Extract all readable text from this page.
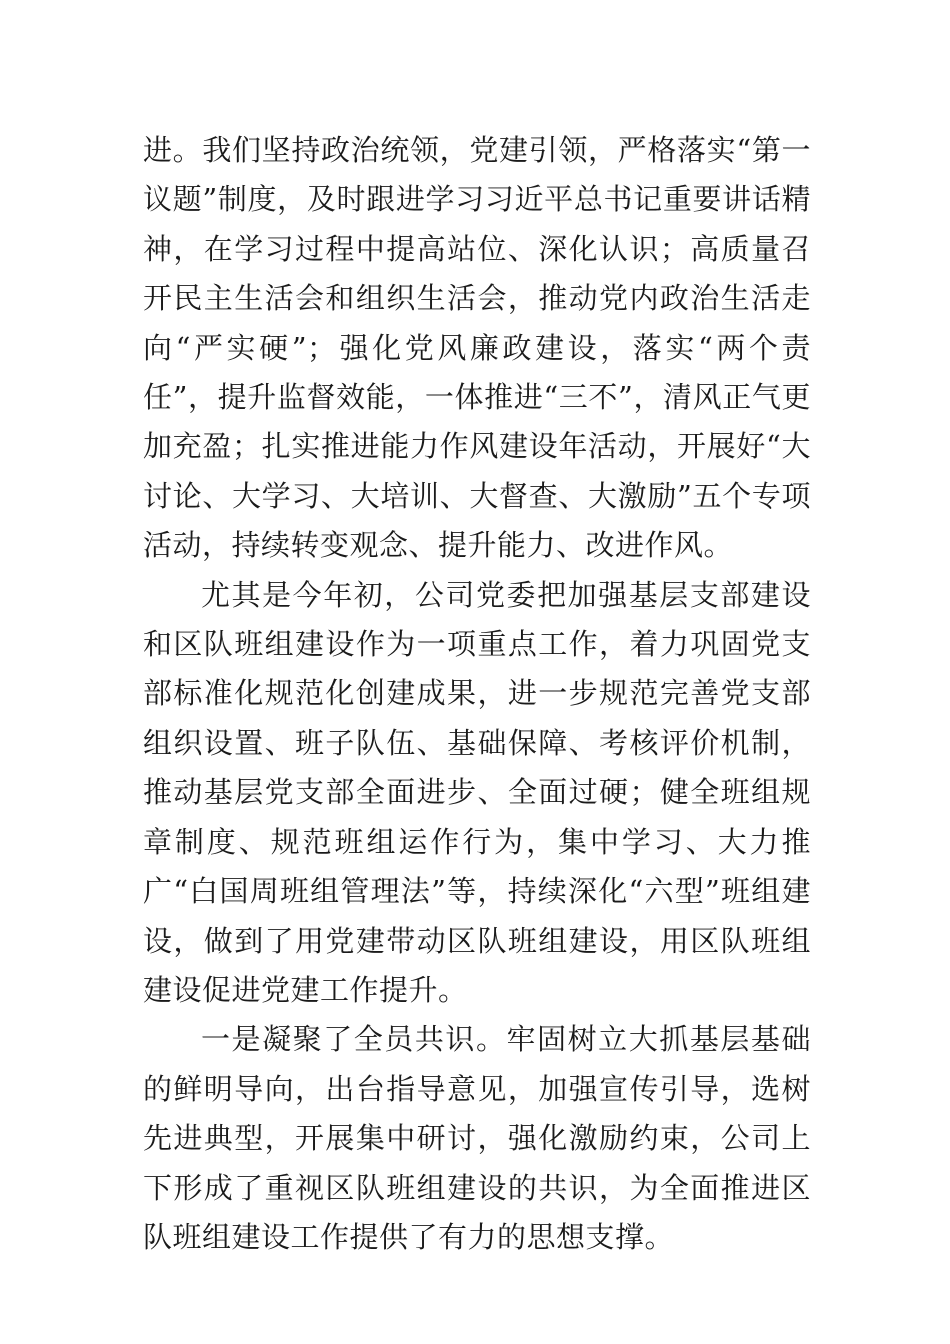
进。我们坚持政治统领，党建引领，严格落实“第一议题”制度，及时跟进学习习近平总书记重要讲话精神，在学习过程中提高站位、深化认识；高质量召开民主生活会和组织生活会，推动党内政治生活走向“严实硬”；强化党风廉政建设，落实“两个责任”，提升监督效能，一体推进“三不”，清风正气更加充盈；扎实推进能力作风建设年活动，开展好“大讨论、大学习、大培训、大督查、大激励”五个专项活动，持续转变观念、提升能力、改进作风。

尤其是今年初，公司党委把加强基层支部建设和区队班组建设作为一项重点工作，着力巩固党支部标准化规范化创建成果，进一步规范完善党支部组织设置、班子队伍、基础保障、考核评价机制，推动基层党支部全面进步、全面过硬；健全班组规章制度、规范班组运作行为，集中学习、大力推广“白国周班组管理法”等，持续深化“六型”班组建设，做到了用党建带动区队班组建设，用区队班组建设促进党建工作提升。

一是凝聚了全员共识。牢固树立大抓基层基础的鲜明导向，出台指导意见，加强宣传引导，选树先进典型，开展集中研讨，强化激励约束，公司上下形成了重视区队班组建设的共识，为全面推进区队班组建设工作提供了有力的思想支撑。
